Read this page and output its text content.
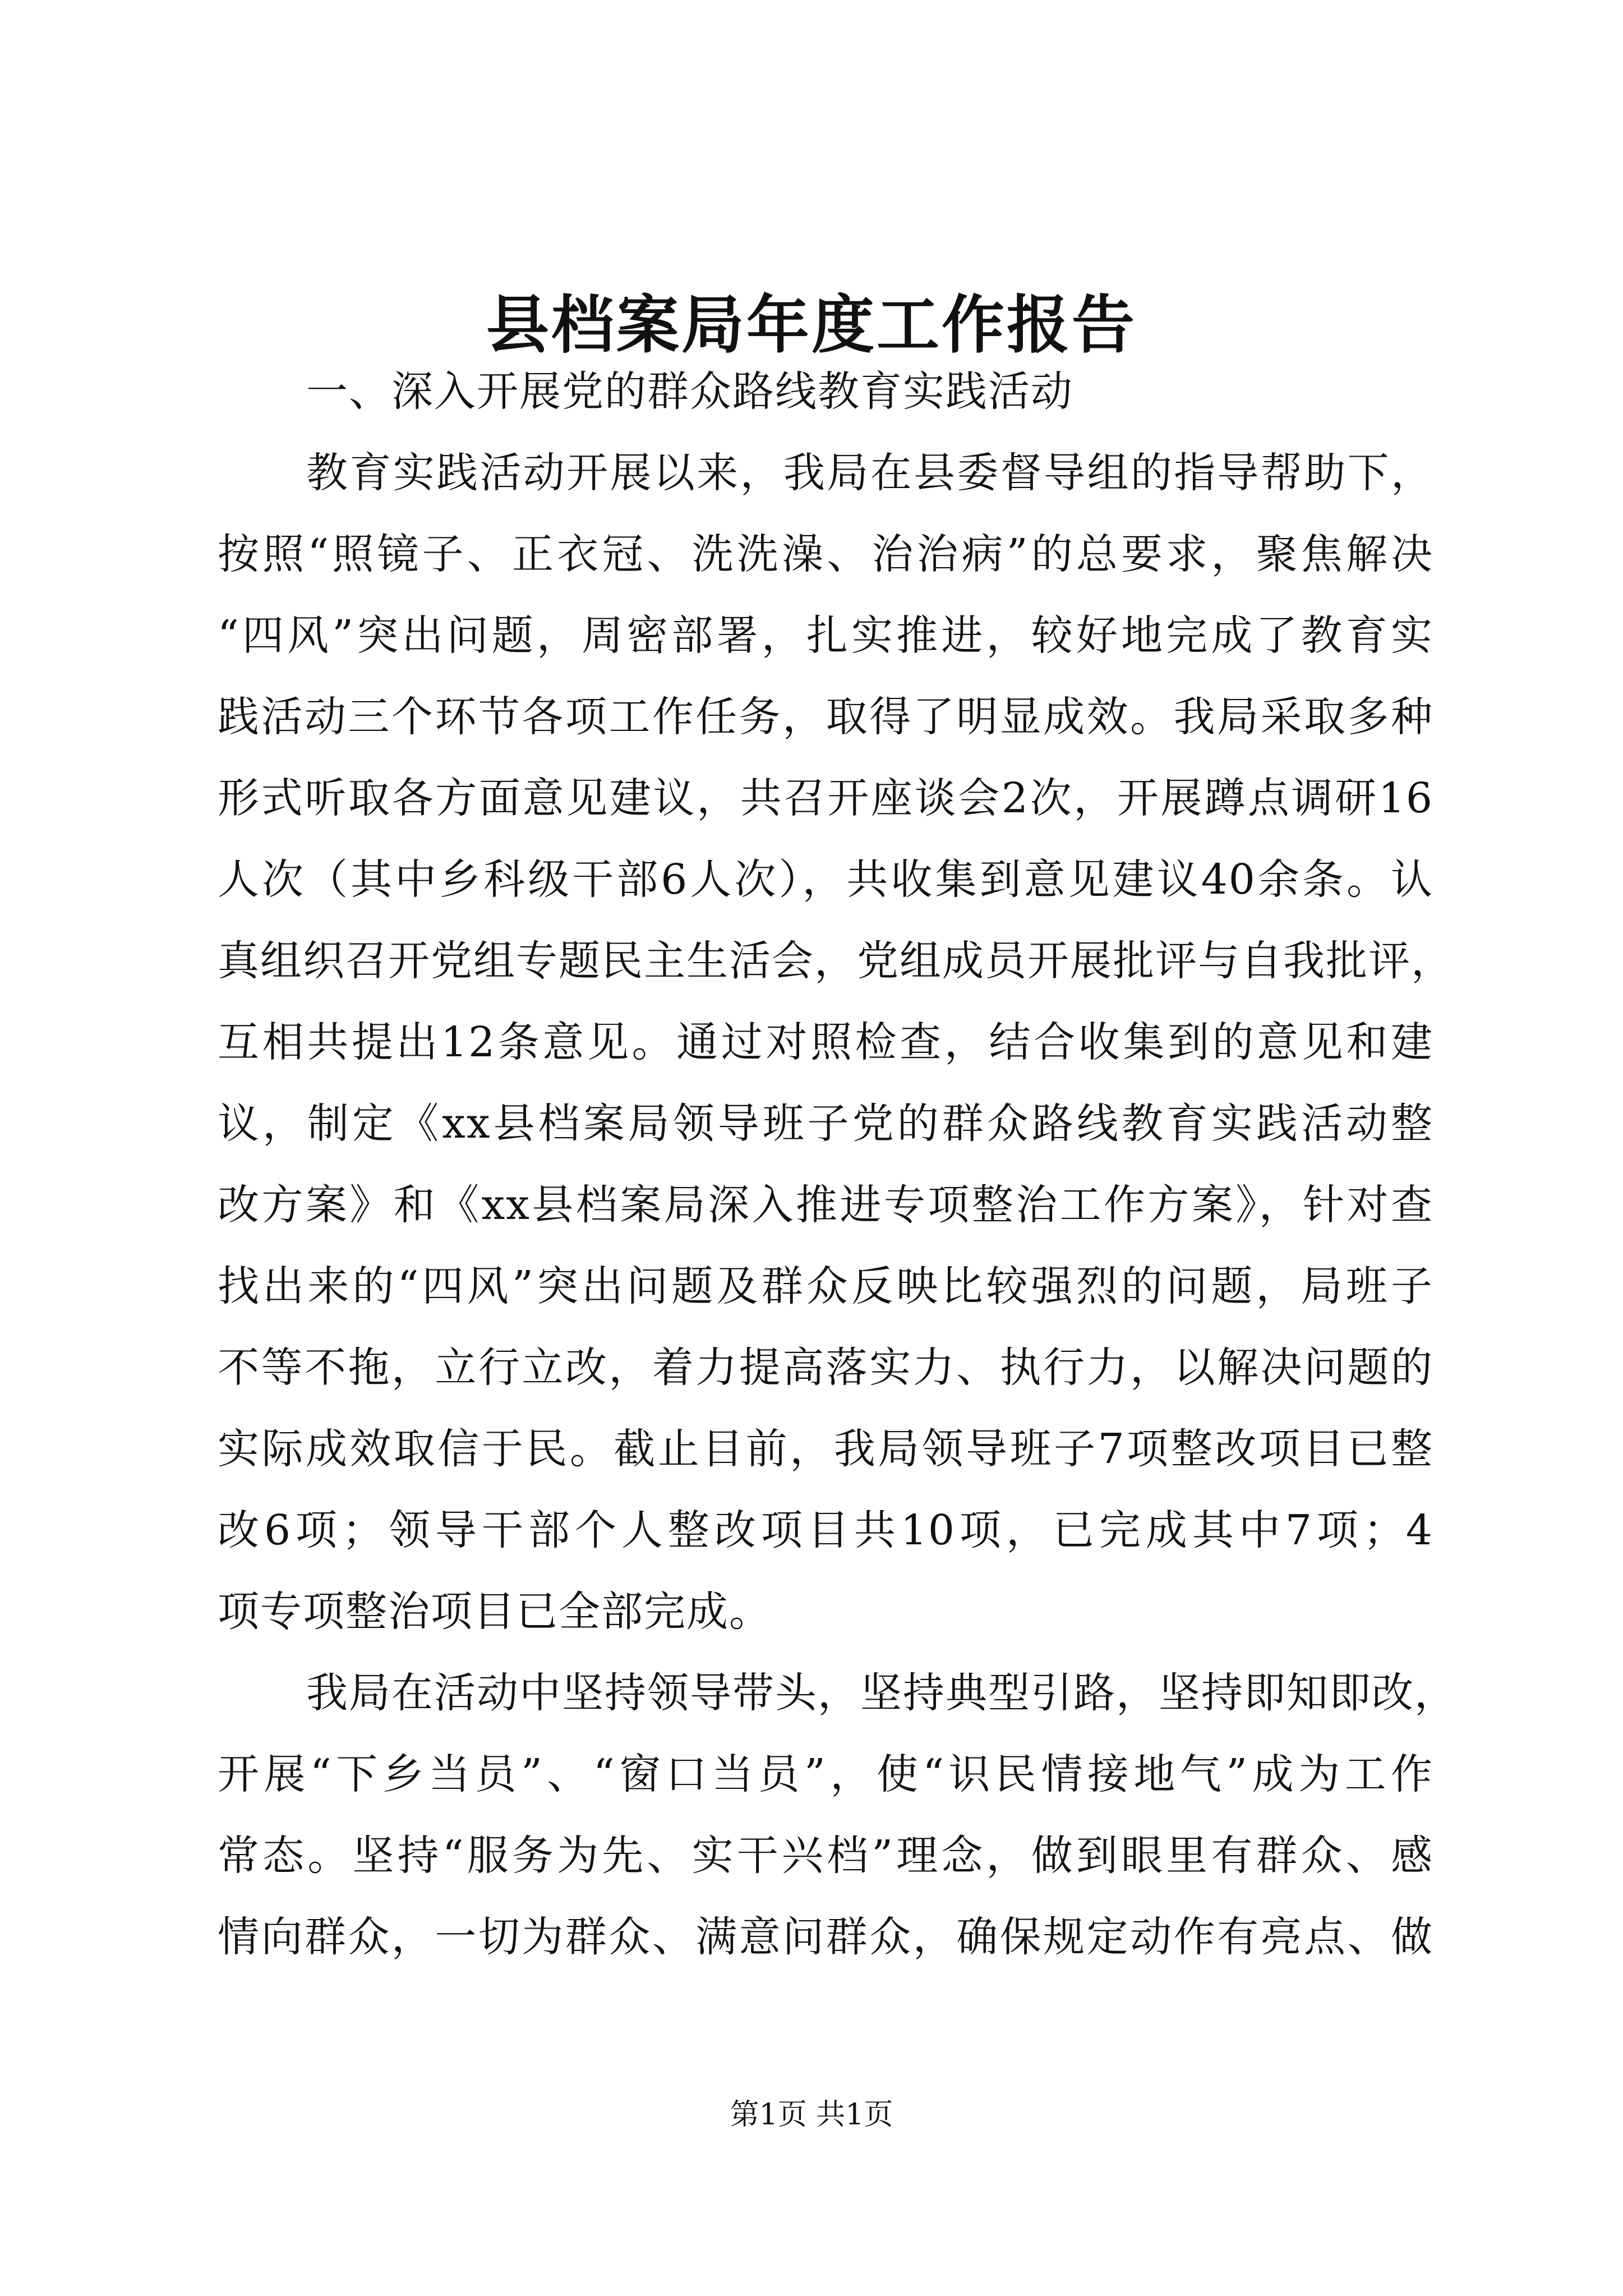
县档案局年度工作报告
一、深入开展党的群众路线教育实践活动
教育实践活动开展以来，我局在县委督导组的指导帮助下，
按照“照镜子、正衣冠、洗洗澡、治治病”的总要求，聚焦解决
“四风”突出问题，周密部署，扎实推进，较好地完成了教育实
践活动三个环节各项工作任务，取得了明显成效。我局采取多种
形式听取各方面意见建议，共召开座谈会2次，开展蹲点调研16
人次（其中乡科级干部6人次），共收集到意见建议40余条。认
真组织召开党组专题民主生活会，党组成员开展批评与自我批评，
互相共提出12条意见。通过对照检查，结合收集到的意见和建
议，制定《xx县档案局领导班子党的群众路线教育实践活动整
改方案》和《xx县档案局深入推进专项整治工作方案》，针对查
找出来的“四风”突出问题及群众反映比较强烈的问题，局班子
不等不拖，立行立改，着力提高落实力、执行力，以解决问题的
实际成效取信于民。截止目前，我局领导班子7项整改项目已整
改6项；领导干部个人整改项目共10项，已完成其中7项；4
项专项整治项目已全部完成。
我局在活动中坚持领导带头，坚持典型引路，坚持即知即改，
开展“下乡当员”、“窗口当员”，使“识民情接地气”成为工作
常态。坚持“服务为先、实干兴档”理念，做到眼里有群众、感
情向群众，一切为群众、满意问群众，确保规定动作有亮点、做
第1页 共1页
